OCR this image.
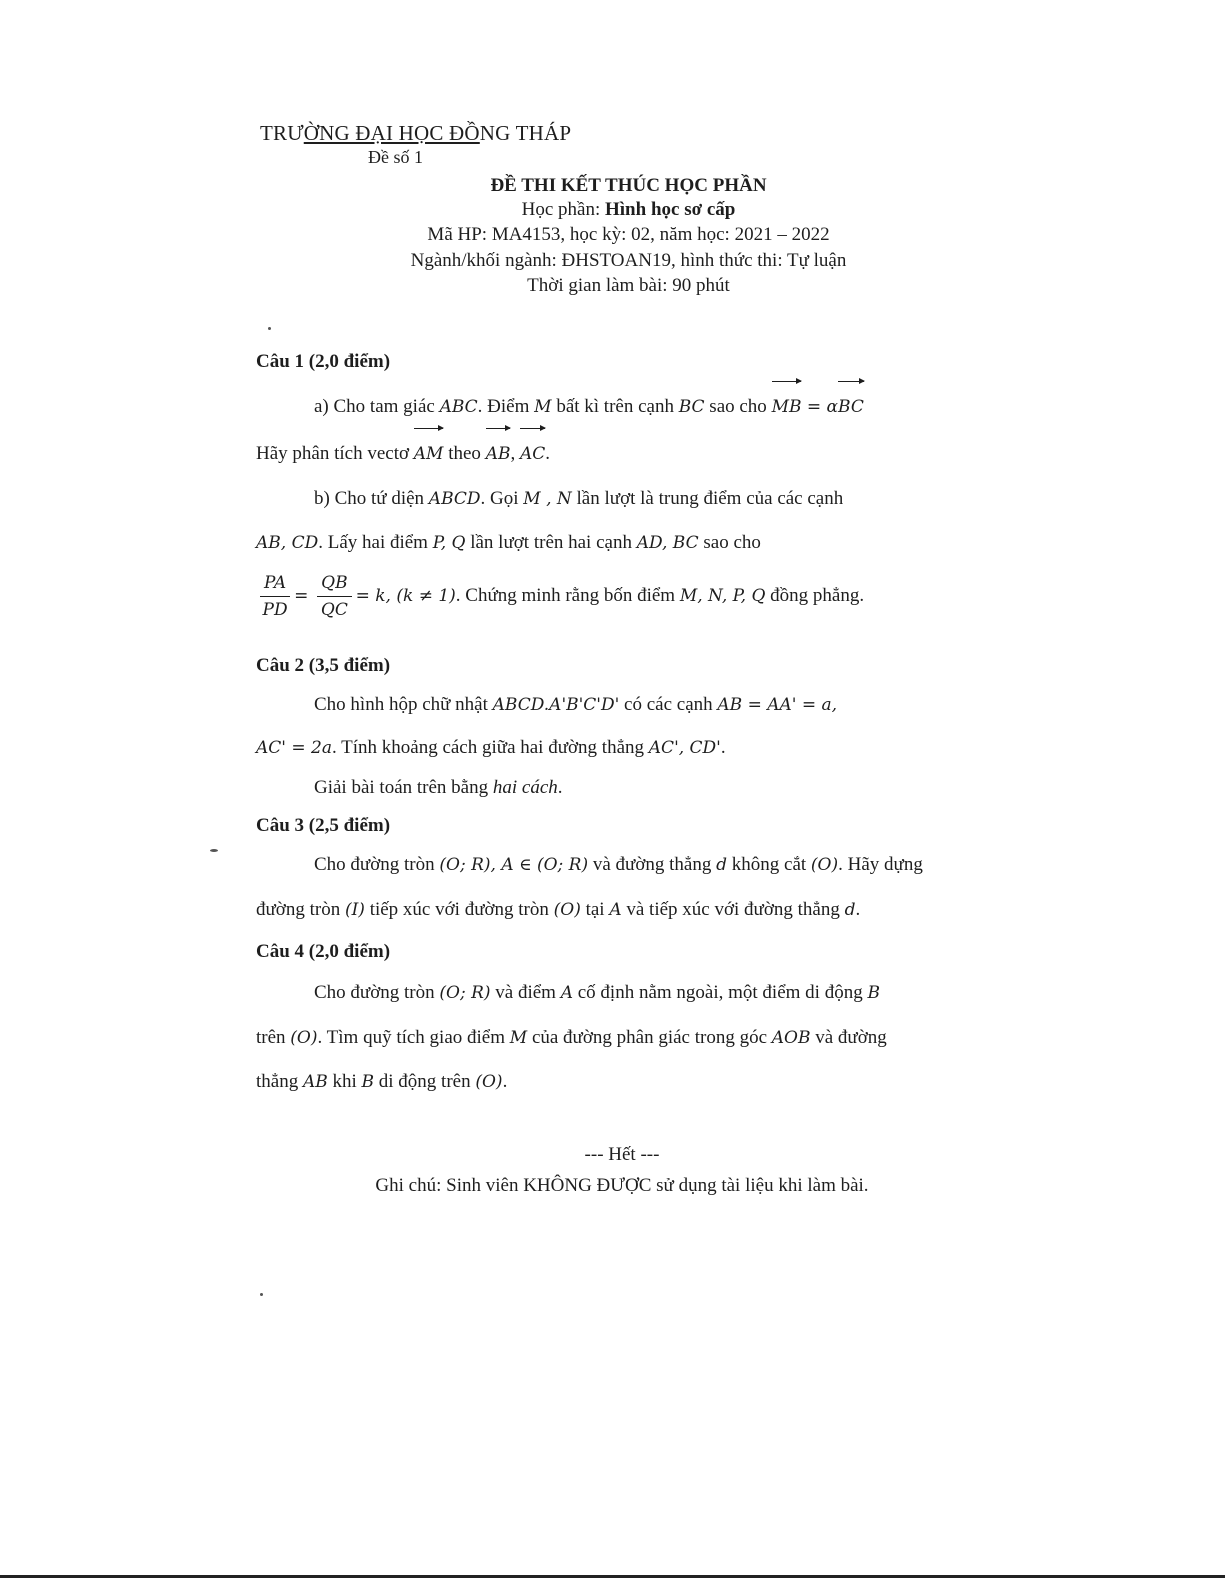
TRƯỜNG ĐẠI HỌC ĐỒNG THÁP
Đề số 1
ĐỀ THI KẾT THÚC HỌC PHẦN
Học phần: Hình học sơ cấp
Mã HP: MA4153, học kỳ: 02, năm học: 2021 – 2022
Ngành/khối ngành: ĐHSTOAN19, hình thức thi: Tự luận
Thời gian làm bài: 90 phút
Câu 1 (2,0 điểm)
a) Cho tam giác ABC. Điểm M bất kì trên cạnh BC sao cho MB = αBC
Hãy phân tích vectơ AM theo AB, AC.
b) Cho tứ diện ABCD. Gọi M , N lần lượt là trung điểm của các cạnh
AB, CD. Lấy hai điểm P, Q lần lượt trên hai cạnh AD, BC sao cho
$\frac{PA}{PD} = \frac{QB}{QC} = k$, (k ≠ 1). Chứng minh rằng bốn điểm M, N, P, Q đồng phẳng.
Câu 2 (3,5 điểm)
Cho hình hộp chữ nhật ABCD.A'B'C'D' có các cạnh AB = AA' = a,
AC' = 2a. Tính khoảng cách giữa hai đường thẳng AC', CD'.
Giải bài toán trên bằng hai cách.
Câu 3 (2,5 điểm)
Cho đường tròn (O; R), A ∈ (O; R) và đường thẳng d không cắt (O). Hãy dựng
đường tròn (I) tiếp xúc với đường tròn (O) tại A và tiếp xúc với đường thẳng d.
Câu 4 (2,0 điểm)
Cho đường tròn (O; R) và điểm A cố định nằm ngoài, một điểm di động B
trên (O). Tìm quỹ tích giao điểm M của đường phân giác trong góc AOB và đường
thẳng AB khi B di động trên (O).
--- Hết ---
Ghi chú: Sinh viên KHÔNG ĐƯỢC sử dụng tài liệu khi làm bài.
